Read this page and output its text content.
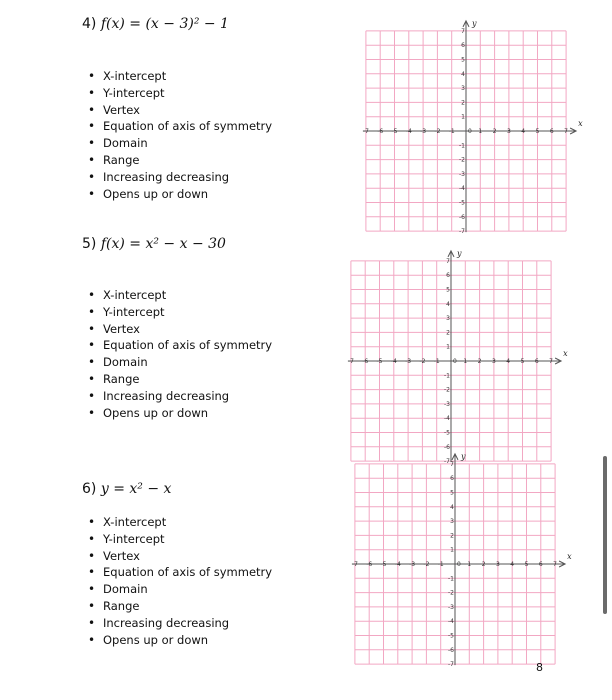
4) f(x) = (x − 3)² − 1
• X-intercept
• Y-intercept
• Vertex
• Equation of axis of symmetry
• Domain
• Range
• Increasing decreasing
• Opens up or down
x
y
-7
-7
-6
-6
-5
-5
-4
-4
-3
-3
-2
-2
-1
-1
1
1
2
2
3
3
4
4
5
5
6
6
7
7
0
5) f(x) = x² − x − 30
• X-intercept
• Y-intercept
• Vertex
• Equation of axis of symmetry
• Domain
• Range
• Increasing decreasing
• Opens up or down
x
y
-7
-7
-6
-6
-5
-5
-4
-4
-3
-3
-2
-2
-1
-1
1
1
2
2
3
3
4
4
5
5
6
6
7
7
0
6) y = x² − x
• X-intercept
• Y-intercept
• Vertex
• Equation of axis of symmetry
• Domain
• Range
• Increasing decreasing
• Opens up or down
x
y
-7
-7
-6
-6
-5
-5
-4
-4
-3
-3
-2
-2
-1
-1
1
1
2
2
3
3
4
4
5
5
6
6
7
7
0
8
